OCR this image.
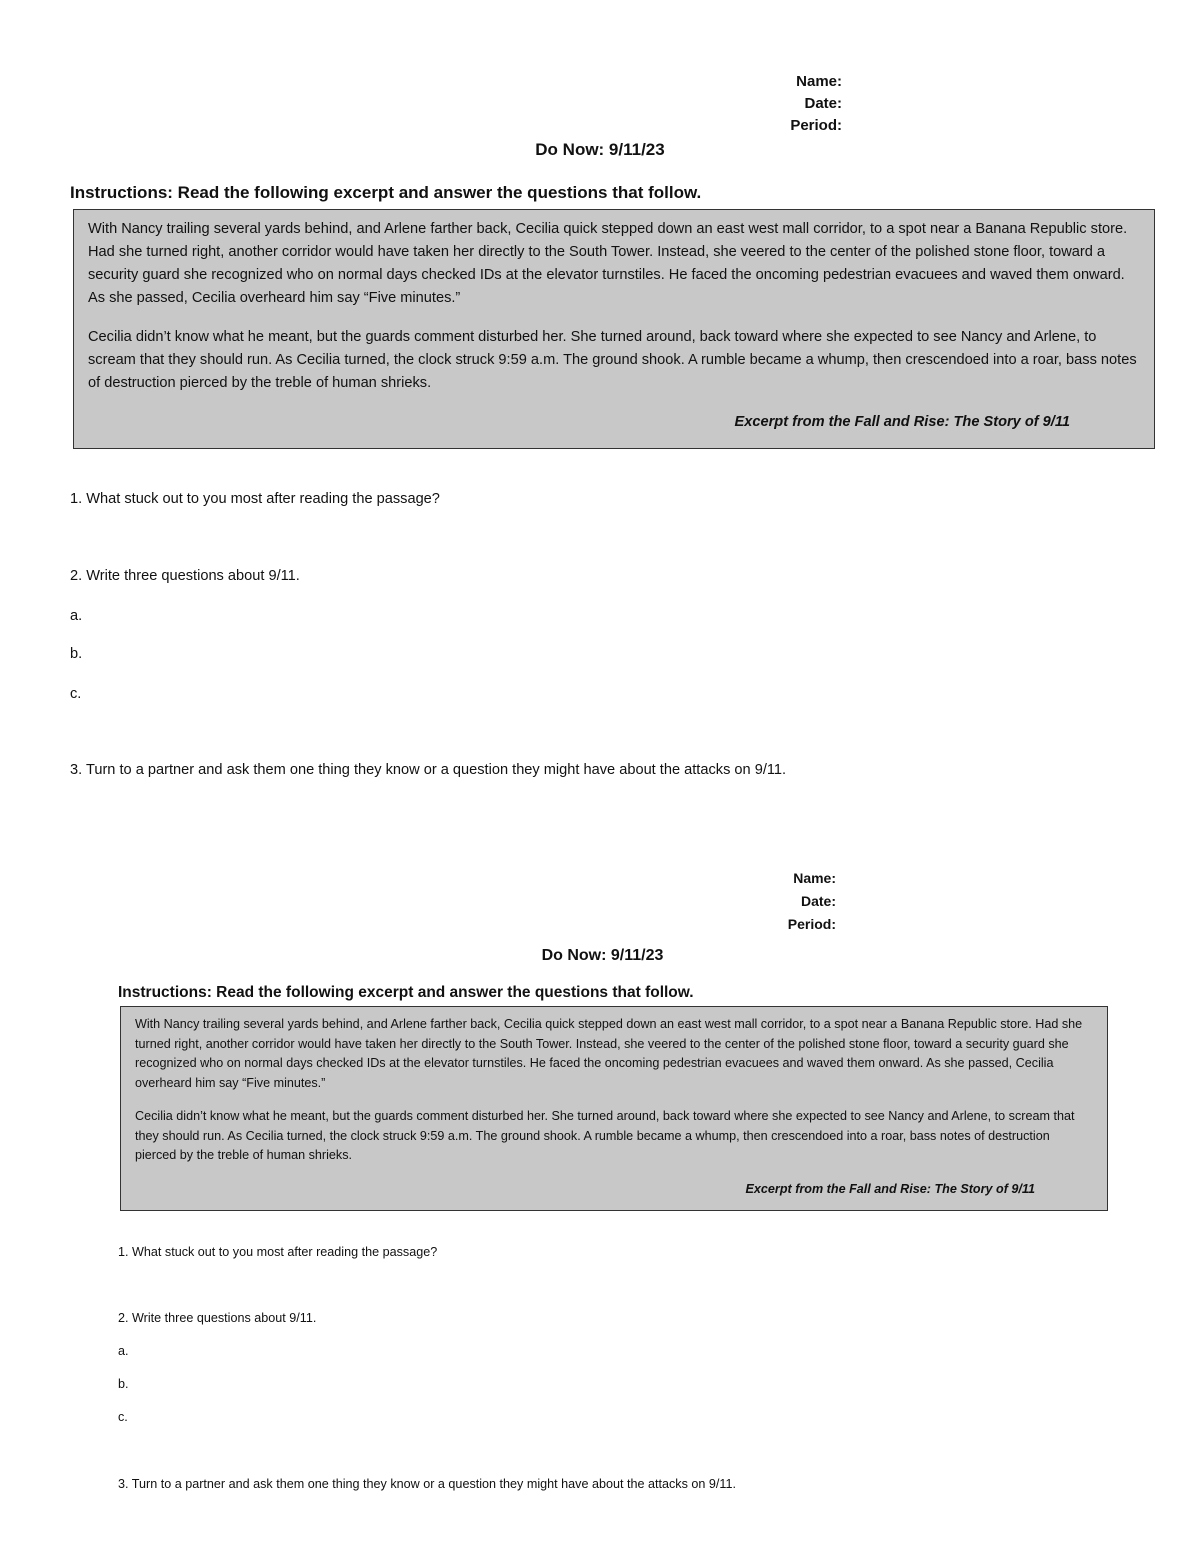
Name:
Date:
Period:
Do Now: 9/11/23
Instructions: Read the following excerpt and answer the questions that follow.

With Nancy trailing several yards behind, and Arlene farther back, Cecilia quick stepped down an east west mall corridor, to a spot near a Banana Republic store. Had she turned right, another corridor would have taken her directly to the South Tower. Instead, she veered to the center of the polished stone floor, toward a security guard she recognized who on normal days checked IDs at the elevator turnstiles. He faced the oncoming pedestrian evacuees and waved them onward. As she passed, Cecilia overheard him say “Five minutes.”

Cecilia didn’t know what he meant, but the guards comment disturbed her. She turned around, back toward where she expected to see Nancy and Arlene, to scream that they should run. As Cecilia turned, the clock struck 9:59 a.m. The ground shook. A rumble became a whump, then crescendoed into a roar, bass notes of destruction pierced by the treble of human shrieks.

Excerpt from the Fall and Rise: The Story of 9/11
1. What stuck out to you most after reading the passage?
2. Write three questions about 9/11.
a.
b.
c.
3. Turn to a partner and ask them one thing they know or a question they might have about the attacks on 9/11.
Name:
Date:
Period:
Do Now: 9/11/23
Instructions: Read the following excerpt and answer the questions that follow.

With Nancy trailing several yards behind, and Arlene farther back, Cecilia quick stepped down an east west mall corridor, to a spot near a Banana Republic store. Had she turned right, another corridor would have taken her directly to the South Tower. Instead, she veered to the center of the polished stone floor, toward a security guard she recognized who on normal days checked IDs at the elevator turnstiles. He faced the oncoming pedestrian evacuees and waved them onward. As she passed, Cecilia overheard him say “Five minutes.”

Cecilia didn’t know what he meant, but the guards comment disturbed her. She turned around, back toward where she expected to see Nancy and Arlene, to scream that they should run. As Cecilia turned, the clock struck 9:59 a.m. The ground shook. A rumble became a whump, then crescendoed into a roar, bass notes of destruction pierced by the treble of human shrieks.

Excerpt from the Fall and Rise: The Story of 9/11
1. What stuck out to you most after reading the passage?
2. Write three questions about 9/11.
a.
b.
c.
3. Turn to a partner and ask them one thing they know or a question they might have about the attacks on 9/11.
